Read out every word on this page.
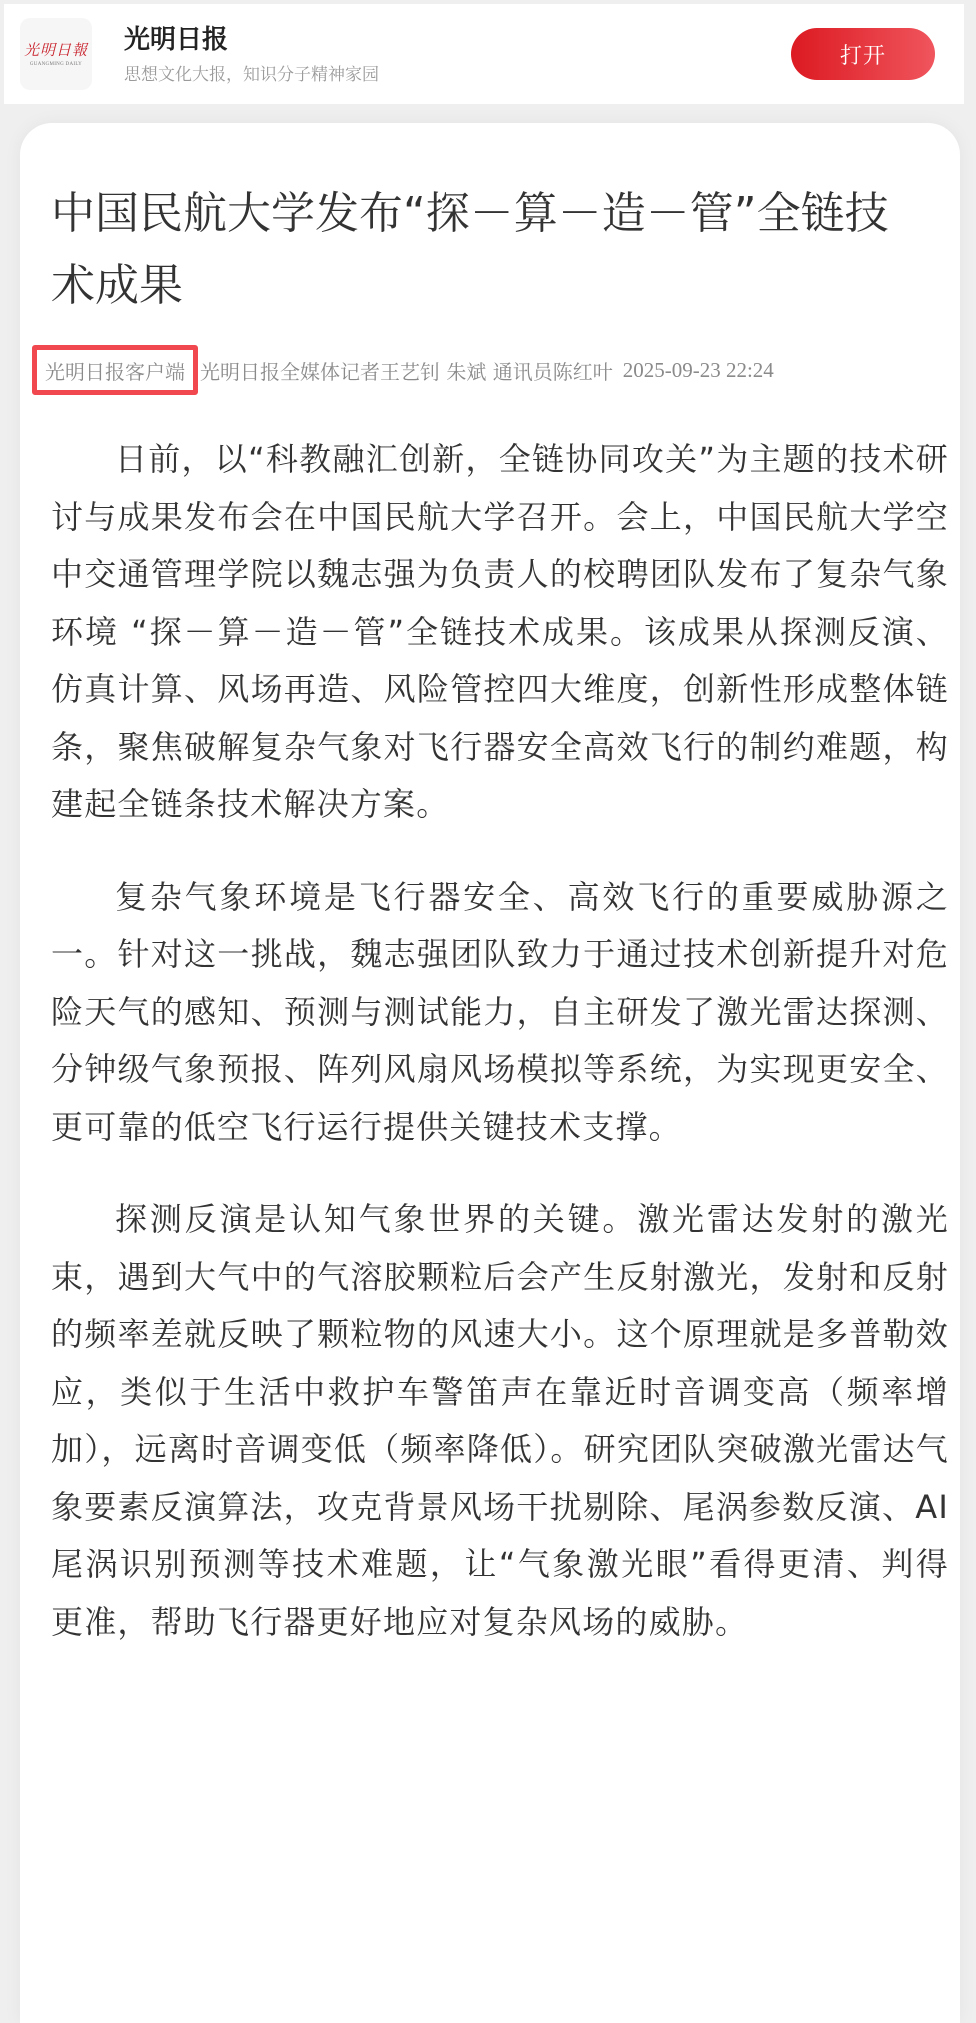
光明日報
GUANGMING DAILY
光明日报
思想文化大报，知识分子精神家园
打开
中国民航大学发布“探－算－造－管”全链技术成果
光明日报客户端 光明日报全媒体记者王艺钊 朱斌 通讯员陈红叶 2025-09-23 22:24

日前，以“科教融汇创新，全链协同攻关”为主题的技术研讨与成果发布会在中国民航大学召开。会上，中国民航大学空中交通管理学院以魏志强为负责人的校聘团队发布了复杂气象环境 “探－算－造－管”全链技术成果。该成果从探测反演、仿真计算、风场再造、风险管控四大维度，创新性形成整体链条，聚焦破解复杂气象对飞行器安全高效飞行的制约难题，构建起全链条技术解决方案。

复杂气象环境是飞行器安全、高效飞行的重要威胁源之一。针对这一挑战，魏志强团队致力于通过技术创新提升对危险天气的感知、预测与测试能力，自主研发了激光雷达探测、分钟级气象预报、阵列风扇风场模拟等系统，为实现更安全、更可靠的低空飞行运行提供关键技术支撑。

探测反演是认知气象世界的关键。激光雷达发射的激光束，遇到大气中的气溶胶颗粒后会产生反射激光，发射和反射的频率差就反映了颗粒物的风速大小。这个原理就是多普勒效应，类似于生活中救护车警笛声在靠近时音调变高（频率增加），远离时音调变低（频率降低）。研究团队突破激光雷达气象要素反演算法，攻克背景风场干扰剔除、尾涡参数反演、AI 尾涡识别预测等技术难题，让“气象激光眼”看得更清、判得更准，帮助飞行器更好地应对复杂风场的威胁。
